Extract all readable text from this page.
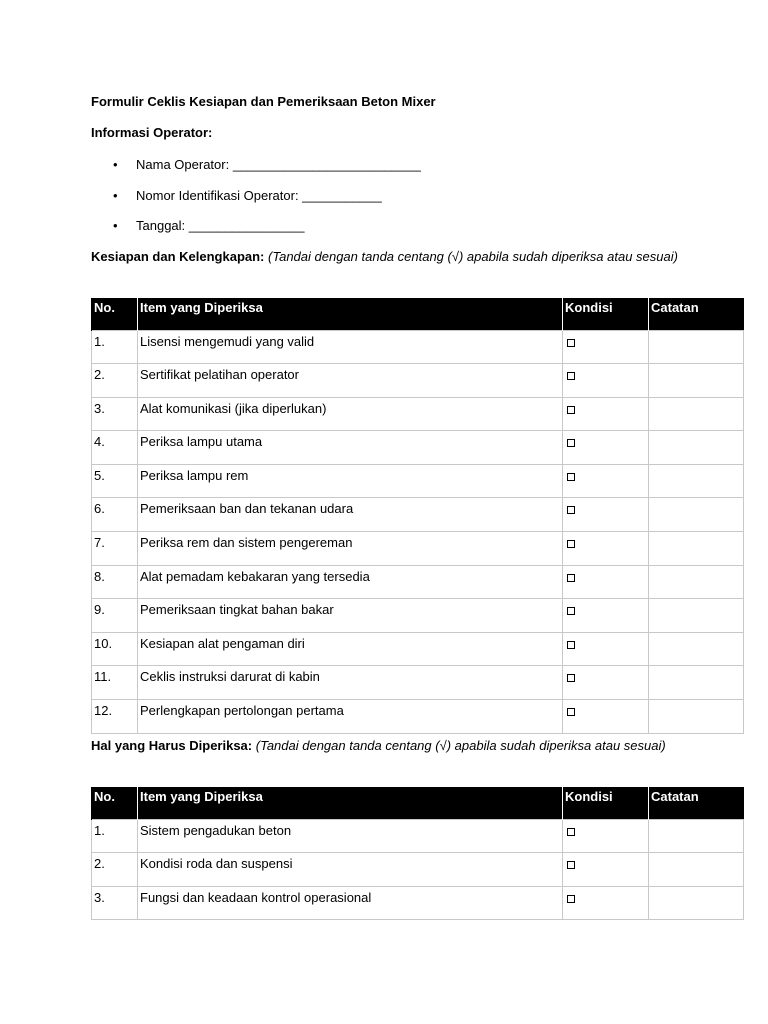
Formulir Ceklis Kesiapan dan Pemeriksaan Beton Mixer

Informasi Operator:

• Nama Operator: __________________________
• Nomor Identifikasi Operator: ___________
• Tanggal: ________________

Kesiapan dan Kelengkapan: (Tandai dengan tanda centang (√) apabila sudah diperiksa atau sesuai)

No.	Item yang Diperiksa	Kondisi	Catatan
1.	Lisensi mengemudi yang valid		
2.	Sertifikat pelatihan operator		
3.	Alat komunikasi (jika diperlukan)		
4.	Periksa lampu utama		
5.	Periksa lampu rem		
6.	Pemeriksaan ban dan tekanan udara		
7.	Periksa rem dan sistem pengereman		
8.	Alat pemadam kebakaran yang tersedia		
9.	Pemeriksaan tingkat bahan bakar		
10.	Kesiapan alat pengaman diri		
11.	Ceklis instruksi darurat di kabin		
12.	Perlengkapan pertolongan pertama		

Hal yang Harus Diperiksa: (Tandai dengan tanda centang (√) apabila sudah diperiksa atau sesuai)

No.	Item yang Diperiksa	Kondisi	Catatan
1.	Sistem pengadukan beton		
2.	Kondisi roda dan suspensi		
3.	Fungsi dan keadaan kontrol operasional		
